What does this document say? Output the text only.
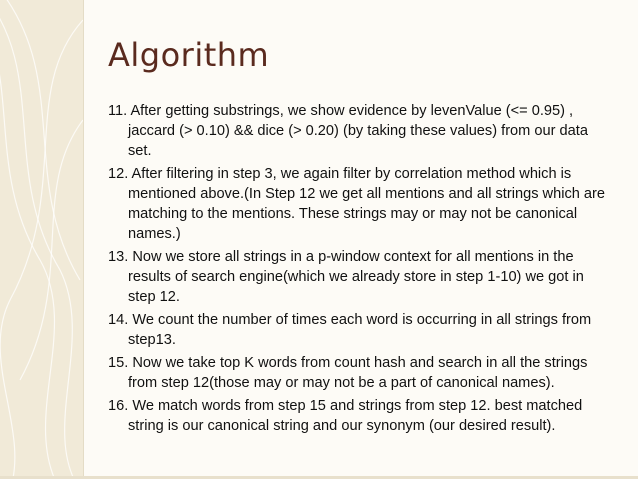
Algorithm
11. After getting substrings, we show evidence by levenValue (<= 0.95) , jaccard (> 0.10) && dice (> 0.20) (by taking these values) from our data set.
12. After filtering in step 3, we again filter by correlation method which is mentioned above.(In Step 12 we get all mentions and all strings which are matching to the mentions. These strings may or may not be canonical names.)
13. Now we store all strings in a p-window context for all mentions in the results of search engine(which we already store in step 1-10) we got in step 12.
14. We count the number of times each word is occurring in all strings from step13.
15. Now we take top K words from count hash and search in all the strings from step 12(those may or may not be a part of canonical names).
16. We match words from step 15 and strings from step 12. best matched string is our canonical string and our synonym (our desired result).
